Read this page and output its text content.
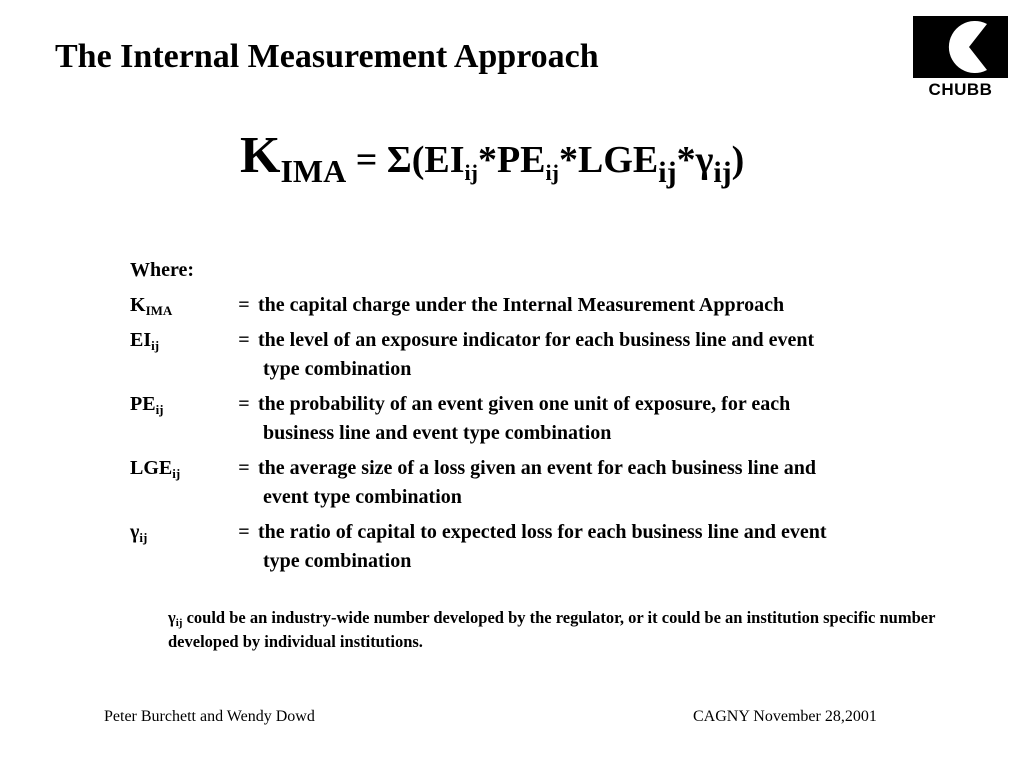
The Internal Measurement Approach
CHUBB
KIMA = Σ(EIij*PEij*LGEij*γij)
Where:
$K_{IMA}$	= the capital charge under the Internal Measurement Approach
$EI_{ij}$	= the level of an exposure indicator for each business line and event
type combination
$PE_{ij}$	= the probability of an event given one unit of exposure, for each
business line and event type combination
$LGE_{ij}$	= the average size of a loss given an event for each business line and
event type combination
$\gamma_{ij}$	= the ratio of capital to expected loss for each business line and event
type combination
$\gamma_{ij}$ could be an industry-wide number developed by the regulator, or it could be an institution specific number developed by individual institutions.
Peter Burchett and Wendy Dowd	CAGNY November 28,2001
